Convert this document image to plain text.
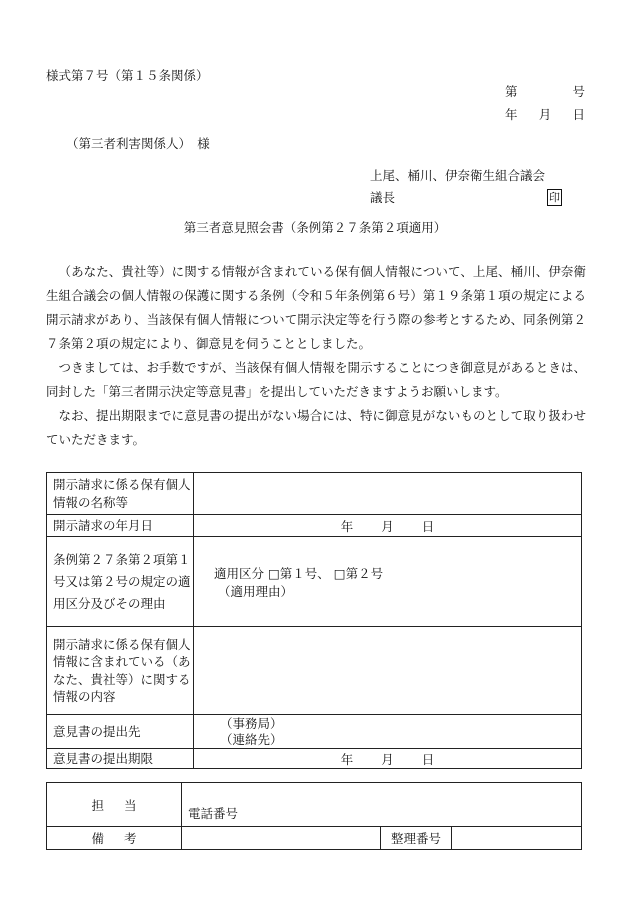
様式第７号（第１５条関係）
第	号
年 月 日
（第三者利害関係人）　様
上尾、桶川、伊奈衛生組合議会
議長	印
第三者意見照会書（条例第２７条第２項適用）

（あなた、貴社等）に関する情報が含まれている保有個人情報について、上尾、桶川、伊奈衛生組合議会の個人情報の保護に関する条例（令和５年条例第６号）第１９条第１項の規定による開示請求があり、当該保有個人情報について開示決定等を行う際の参考とするため、同条例第２７条第２項の規定により、御意見を伺うこととしました。

つきましては、お手数ですが、当該保有個人情報を開示することにつき御意見があるときは、同封した「第三者開示決定等意見書」を提出していただきますようお願いします。

なお、提出期限までに意見書の提出がない場合には、特に御意見がないものとして取り扱わせていただきます。

開示請求に係る保有個人情報の名称等	
開示請求の年月日	年 月 日

条例第２７条第２項第１号又は第２号の規定の適用区分及びその理由	適用区分 □第１号、 □第２号
（適用理由）

開示請求に係る保有個人情報に含まれている（あなた、貴社等）に関する情報の内容	
意見書の提出先	（事務局）
（連絡先）

意見書の提出期限	年 月 日
担当	電話番号		
備考		整理番号	
